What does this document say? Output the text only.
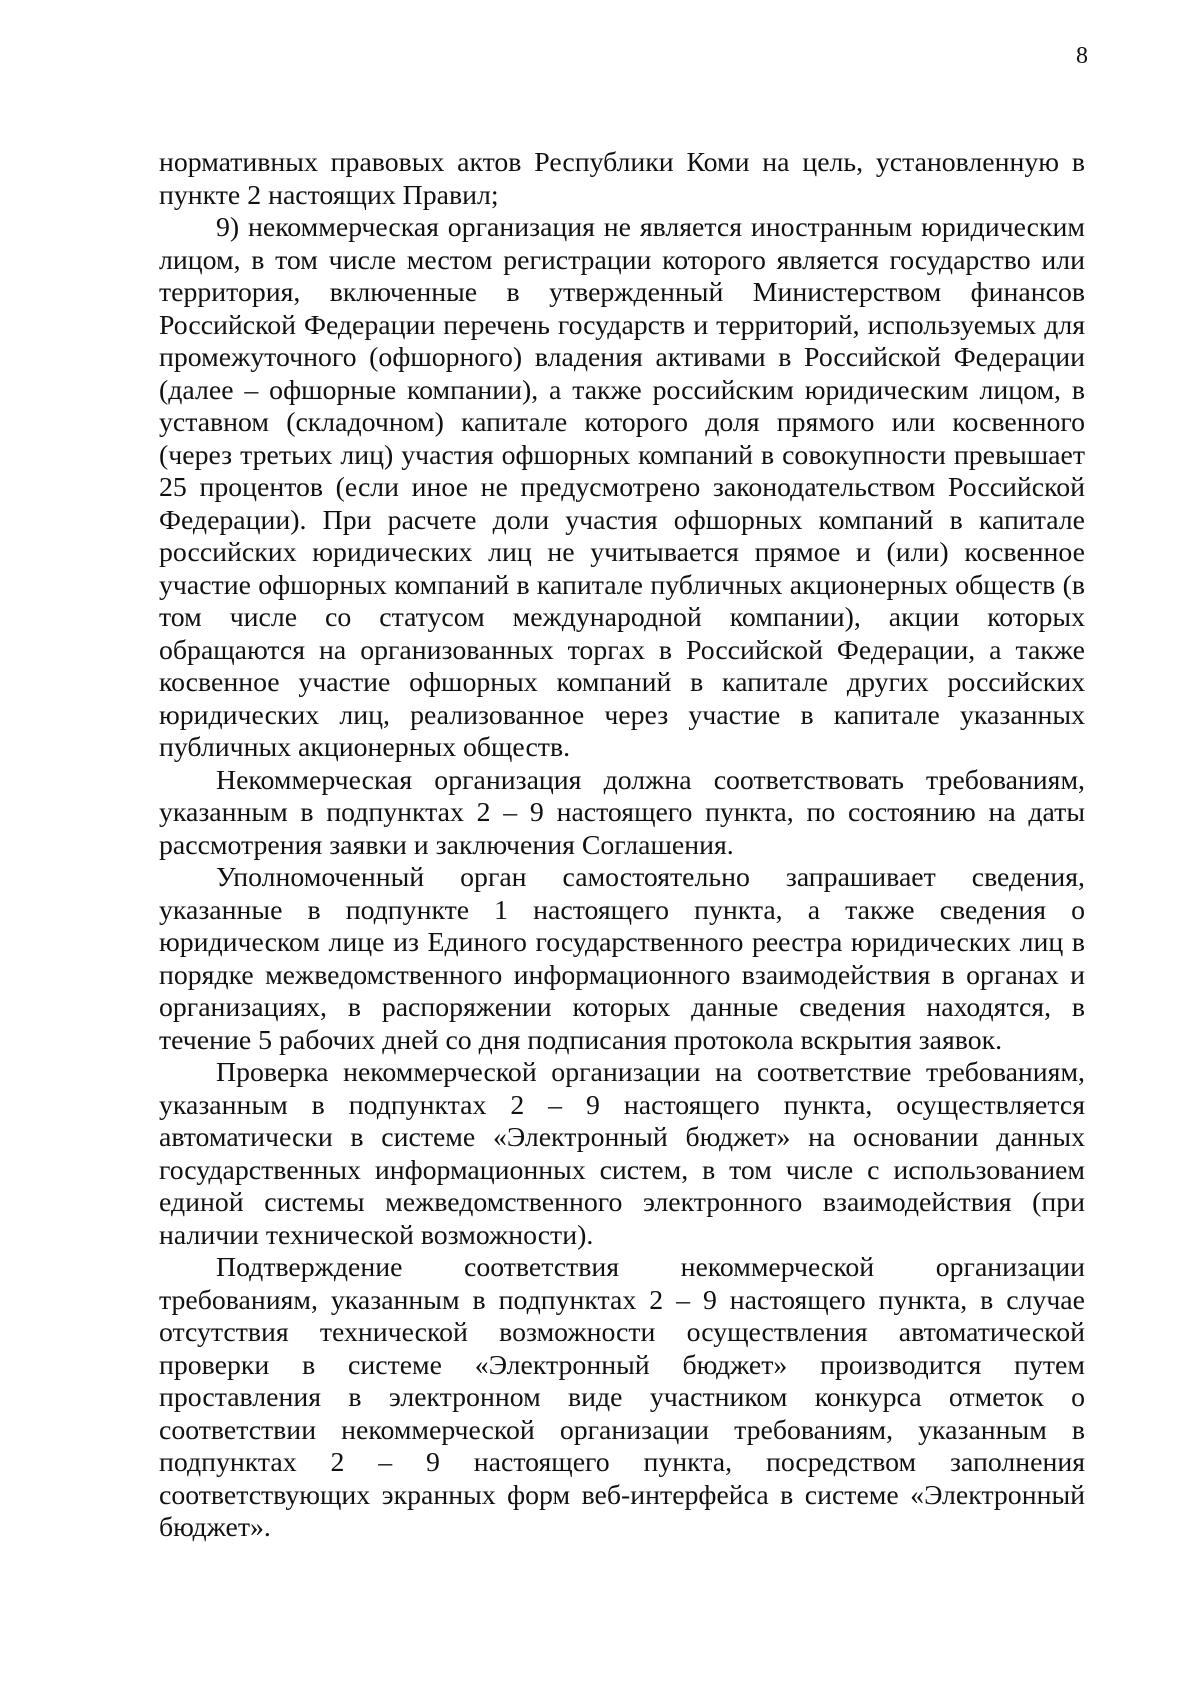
8

нормативных правовых актов Республики Коми на цель, установленную в пункте 2 настоящих Правил;

9) некоммерческая организация не является иностранным юридическим лицом, в том числе местом регистрации которого является государство или территория, включенные в утвержденный Министерством финансов Российской Федерации перечень государств и территорий, используемых для промежуточного (офшорного) владения активами в Российской Федерации (далее – офшорные компании), а также российским юридическим лицом, в уставном (складочном) капитале которого доля прямого или косвенного (через третьих лиц) участия офшорных компаний в совокупности превышает 25 процентов (если иное не предусмотрено законодательством Российской Федерации). При расчете доли участия офшорных компаний в капитале российских юридических лиц не учитывается прямое и (или) косвенное участие офшорных компаний в капитале публичных акционерных обществ (в том числе со статусом международной компании), акции которых обращаются на организованных торгах в Российской Федерации, а также косвенное участие офшорных компаний в капитале других российских юридических лиц, реализованное через участие в капитале указанных публичных акционерных обществ.

Некоммерческая организация должна соответствовать требованиям, указанным в подпунктах 2 – 9 настоящего пункта, по состоянию на даты рассмотрения заявки и заключения Соглашения.

Уполномоченный орган самостоятельно запрашивает сведения, указанные в подпункте 1 настоящего пункта, а также сведения о юридическом лице из Единого государственного реестра юридических лиц в порядке межведомственного информационного взаимодействия в органах и организациях, в распоряжении которых данные сведения находятся, в течение 5 рабочих дней со дня подписания протокола вскрытия заявок.

Проверка некоммерческой организации на соответствие требованиям, указанным в подпунктах 2 – 9 настоящего пункта, осуществляется автоматически в системе «Электронный бюджет» на основании данных государственных информационных систем, в том числе с использованием единой системы межведомственного электронного взаимодействия (при наличии технической возможности).

Подтверждение соответствия некоммерческой организации требованиям, указанным в подпунктах 2 – 9 настоящего пункта, в случае отсутствия технической возможности осуществления автоматической проверки в системе «Электронный бюджет» производится путем проставления в электронном виде участником конкурса отметок о соответствии некоммерческой организации требованиям, указанным в подпунктах 2 – 9 настоящего пункта, посредством заполнения соответствующих экранных форм веб-интерфейса в системе «Электронный бюджет».
